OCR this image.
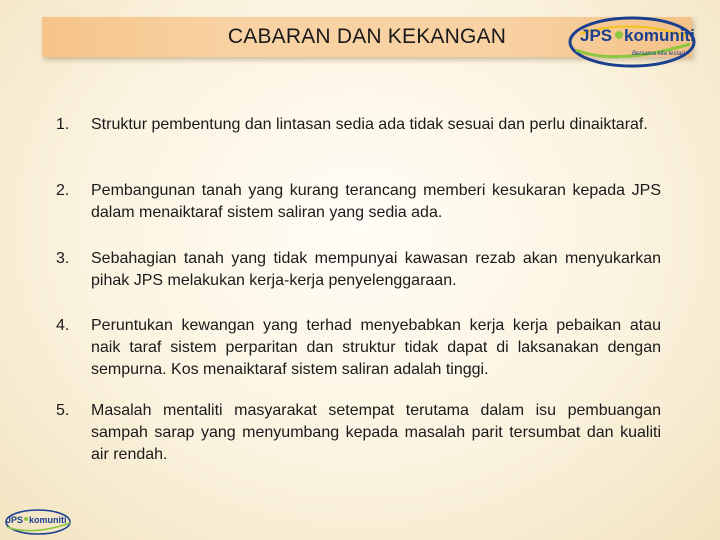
CABARAN DAN KEKANGAN	JPS komuniti
Bersama kita lestari
1. Struktur pembentung dan lintasan sedia ada tidak sesuai dan perlu dinaiktaraf.
2. Pembangunan tanah yang kurang terancang memberi kesukaran kepada JPS dalam menaiktaraf sistem saliran yang sedia ada.
3. Sebahagian tanah yang tidak mempunyai kawasan rezab akan menyukarkan pihak JPS melakukan kerja-kerja penyelenggaraan.
4. Peruntukan kewangan yang terhad menyebabkan kerja kerja pebaikan atau naik taraf sistem perparitan dan struktur tidak dapat di laksanakan dengan sempurna. Kos menaiktaraf sistem saliran adalah tinggi.
5. Masalah mentaliti masyarakat setempat terutama dalam isu pembuangan sampah sarap yang menyumbang kepada masalah parit tersumbat dan kualiti air rendah.
JPS komuniti
